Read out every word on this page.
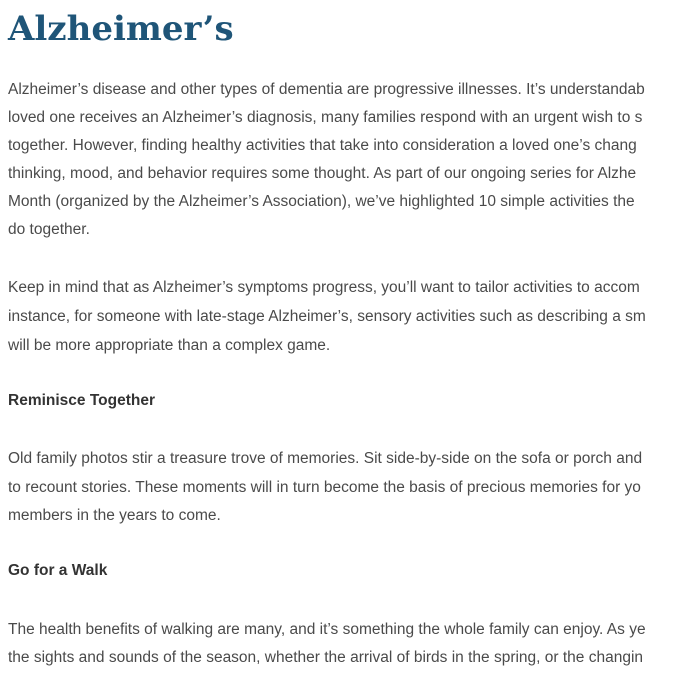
Alzheimer’s

Alzheimer’s disease and other types of dementia are progressive illnesses. It’s understandab

loved one receives an Alzheimer’s diagnosis, many families respond with an urgent wish to s

together. However, finding healthy activities that take into consideration a loved one’s chang

thinking, mood, and behavior requires some thought. As part of our ongoing series for Alzhe

Month (organized by the Alzheimer’s Association), we’ve highlighted 10 simple activities the

do together.

Keep in mind that as Alzheimer’s symptoms progress, you’ll want to tailor activities to accom

instance, for someone with late-stage Alzheimer’s, sensory activities such as describing a sm

will be more appropriate than a complex game.

Reminisce Together

Old family photos stir a treasure trove of memories. Sit side-by-side on the sofa or porch and

to recount stories. These moments will in turn become the basis of precious memories for yo

members in the years to come.

Go for a Walk

The health benefits of walking are many, and it’s something the whole family can enjoy. As ye

the sights and sounds of the season, whether the arrival of birds in the spring, or the changin
